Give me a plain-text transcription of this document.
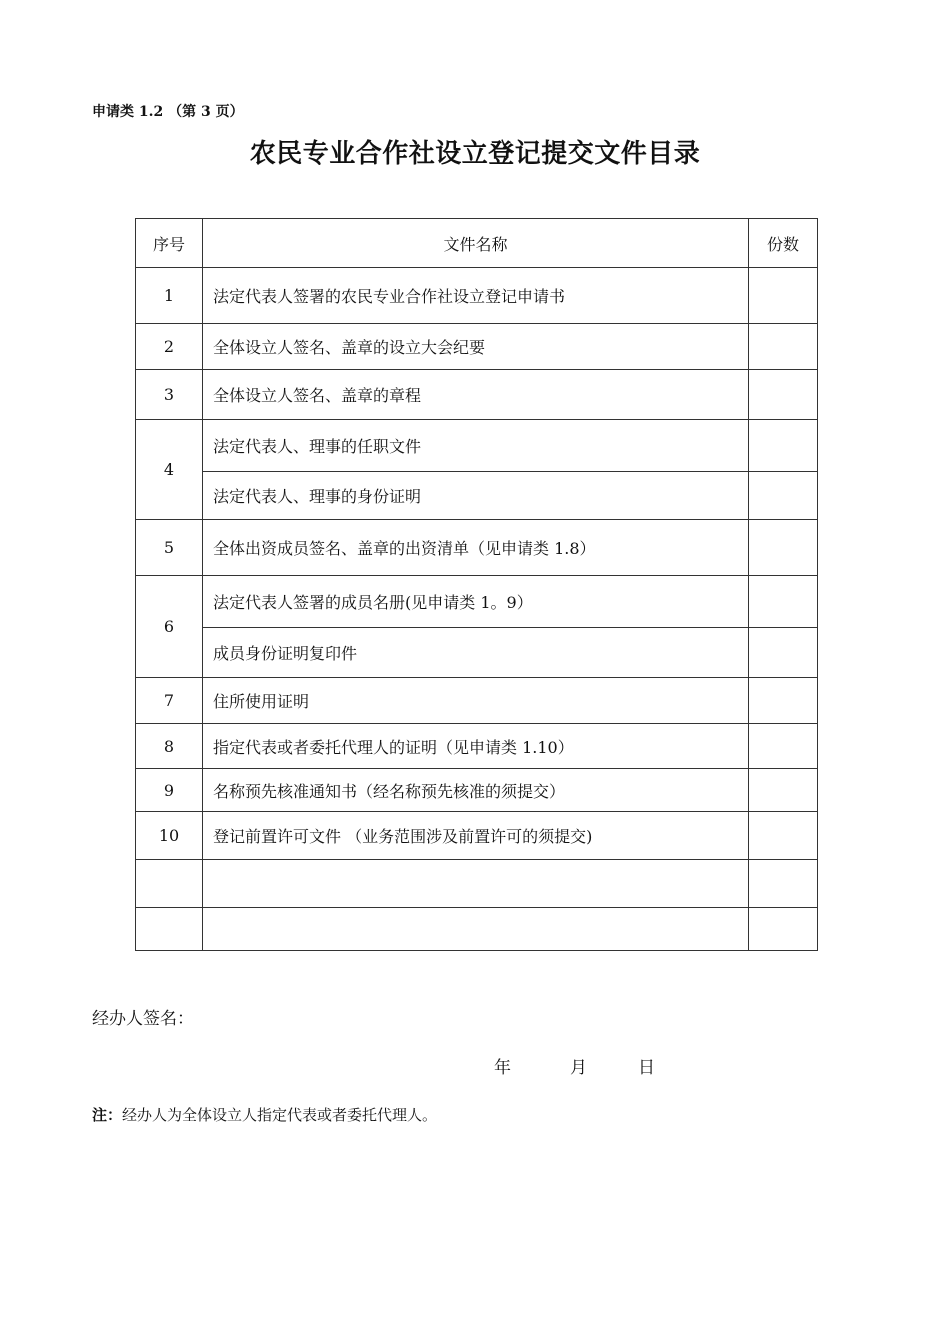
申请类 1.2 （第 3 页）
农民专业合作社设立登记提交文件目录
序号	文件名称	份数
1	法定代表人签署的农民专业合作社设立登记申请书	
2	全体设立人签名、盖章的设立大会纪要	
3	全体设立人签名、盖章的章程	
4	法定代表人、理事的任职文件	
	法定代表人、理事的身份证明	
5	全体出资成员签名、盖章的出资清单（见申请类 1.8）	
6	法定代表人签署的成员名册(见申请类 1。9）	
	成员身份证明复印件	
7	住所使用证明	
8	指定代表或者委托代理人的证明（见申请类 1.10）	
9	名称预先核准通知书（经名称预先核准的须提交）	
10	登记前置许可文件 （业务范围涉及前置许可的须提交)	

经办人签名：
年	月	日
注：经办人为全体设立人指定代表或者委托代理人。
